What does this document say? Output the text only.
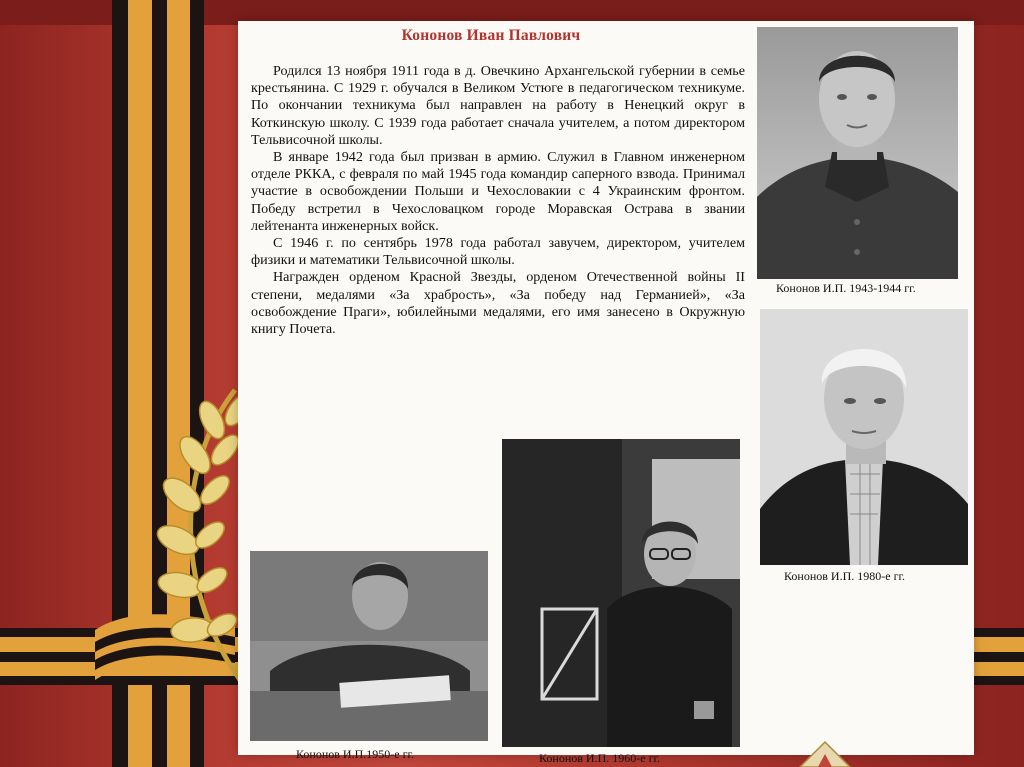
Кононов Иван Павлович

Родился 13 ноября 1911 года в д. Овечкино Архангельской губернии в семье крестьянина. С 1929 г. обучался в Великом Устюге в педагогическом техникуме. По окончании техникума был направлен на работу в Ненецкий округ в Коткинскую школу. С 1939 года работает сначала учителем, а потом директором Тельвисочной школы.

В январе 1942 года был призван в армию. Служил в Главном инженерном отделе РККА, с февраля по май 1945 года командир саперного взвода. Принимал участие в освобождении Польши и Чехословакии с 4 Украинским фронтом. Победу встретил в Чехословацком городе Моравская Острава в звании лейтенанта инженерных войск.

С 1946 г. по сентябрь 1978 года работал завучем, директором, учителем физики и математики Тельвисочной школы.

Награжден орденом Красной Звезды, орденом Отечественной войны II степени, медалями «За храбрость», «За победу над Германией», «За освобождение Праги», юбилейными медалями, его имя занесено в Окружную книгу Почета.

Кононов И.П. 1943-1944 гг.
Кононов И.П. 1980-е гг.
Кононов И.П.1950-е гг.	Кононов И.П. 1960-е гг.
